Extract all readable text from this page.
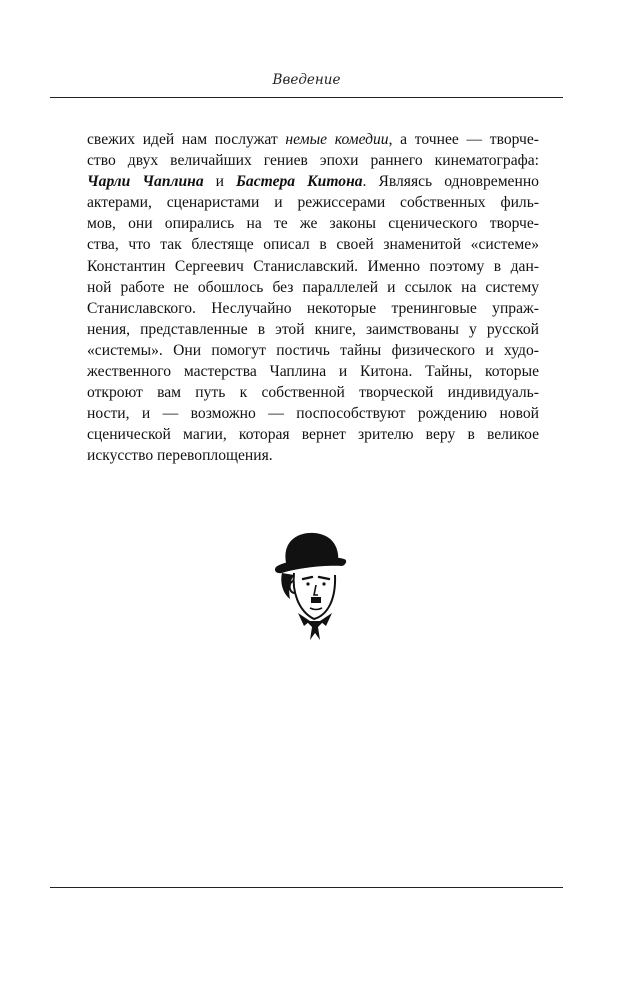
Введение
свежих идей нам послужат немые комедии, а точнее — творче-
ство двух величайших гениев эпохи раннего кинематографа:
Чарли Чаплина и Бастера Китона. Являясь одновременно
актерами, сценаристами и режиссерами собственных филь-
мов, они опирались на те же законы сценического творче-
ства, что так блестяще описал в своей знаменитой «системе»
Константин Сергеевич Станиславский. Именно поэтому в дан-
ной работе не обошлось без параллелей и ссылок на систему
Станиславского. Неслучайно некоторые тренинговые упраж-
нения, представленные в этой книге, заимствованы у русской
«системы». Они помогут постичь тайны физического и худо-
жественного мастерства Чаплина и Китона. Тайны, которые
откроют вам путь к собственной творческой индивидуаль-
ности, и — возможно — поспособствуют рождению новой
сценической магии, которая вернет зрителю веру в великое
искусство перевоплощения.
